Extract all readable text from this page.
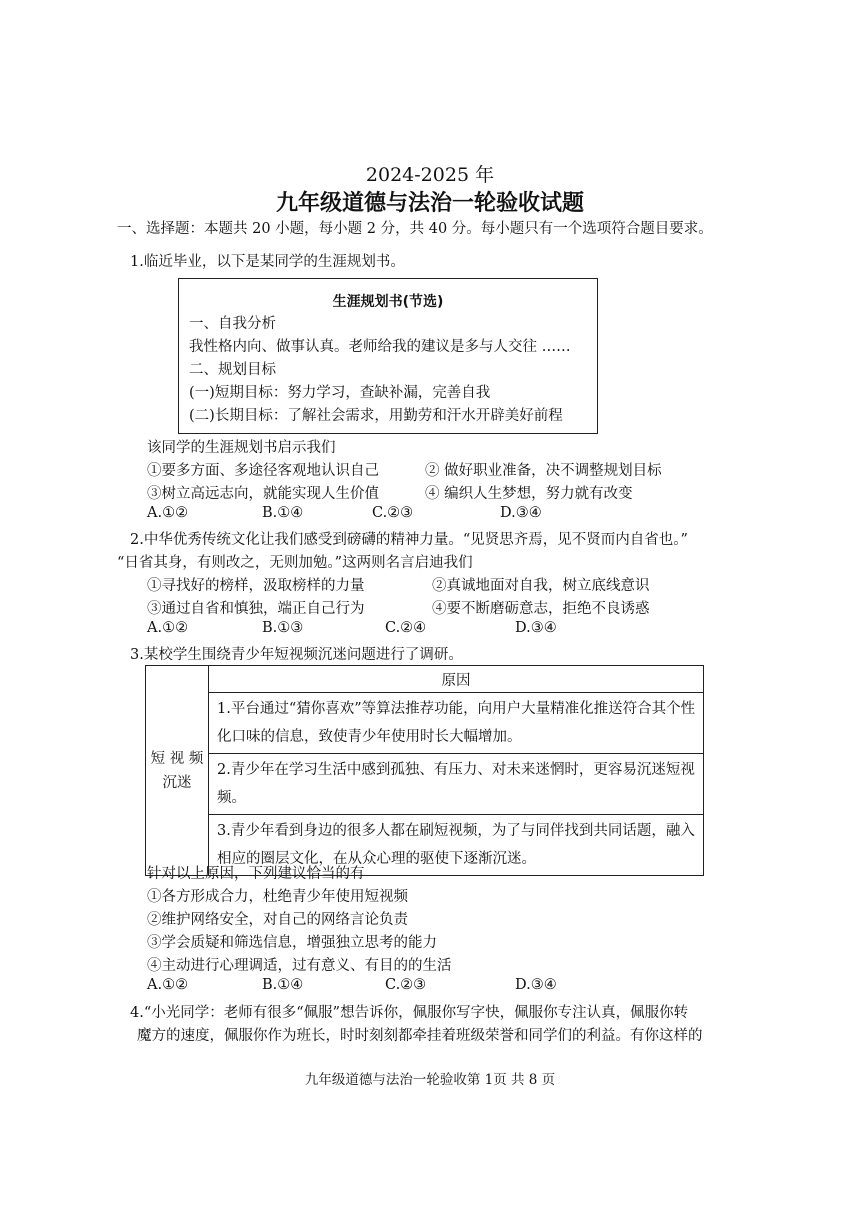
2024-2025 年
九年级道德与法治一轮验收试题
一、选择题：本题共 20 小题，每小题 2 分，共 40 分。每小题只有一个选项符合题目要求。
1.临近毕业，以下是某同学的生涯规划书。
生涯规划书(节选)
一、自我分析
我性格内向、做事认真。老师给我的建议是多与人交往 ……
二、规划目标
(一)短期目标：努力学习，查缺补漏，完善自我
(二)长期目标：了解社会需求，用勤劳和汗水开辟美好前程
该同学的生涯规划书启示我们
①要多方面、多途径客观地认识自己	② 做好职业准备，决不调整规划目标
③树立高远志向，就能实现人生价值	④ 编织人生梦想，努力就有改变
A.①②	B.①④	C.②③	D.③④
2.中华优秀传统文化让我们感受到磅礴的精神力量。“见贤思齐焉，见不贤而内自省也。”
“日省其身，有则改之，无则加勉。”这两则名言启迪我们
①寻找好的榜样，汲取榜样的力量	②真诚地面对自我，树立底线意识
③通过自省和慎独，端正自己行为	④要不断磨砺意志，拒绝不良诱惑
A.①②	B.①③	C.②④	D.③④
3.某校学生围绕青少年短视频沉迷问题进行了调研。
短 视 频
沉迷
	原因
1.平台通过“猜你喜欢”等算法推荐功能，向用户大量精准化推送符合其个性化口味的信息，致使青少年使用时长大幅增加。
2.青少年在学习生活中感到孤独、有压力、对未来迷惘时，更容易沉迷短视频。
3.青少年看到身边的很多人都在刷短视频，为了与同伴找到共同话题，融入相应的圈层文化，在从众心理的驱使下逐渐沉迷。
针对以上原因，下列建议恰当的有
①各方形成合力，杜绝青少年使用短视频
②维护网络安全，对自己的网络言论负责
③学会质疑和筛选信息，增强独立思考的能力
④主动进行心理调适，过有意义、有目的的生活
A.①②	B.①④	C.②③	D.③④
4.“小光同学：老师有很多“佩服”想告诉你，佩服你写字快，佩服你专注认真，佩服你转
魔方的速度，佩服你作为班长，时时刻刻都牵挂着班级荣誉和同学们的利益。有你这样的
九年级道德与法治一轮验收第 1页 共 8 页
